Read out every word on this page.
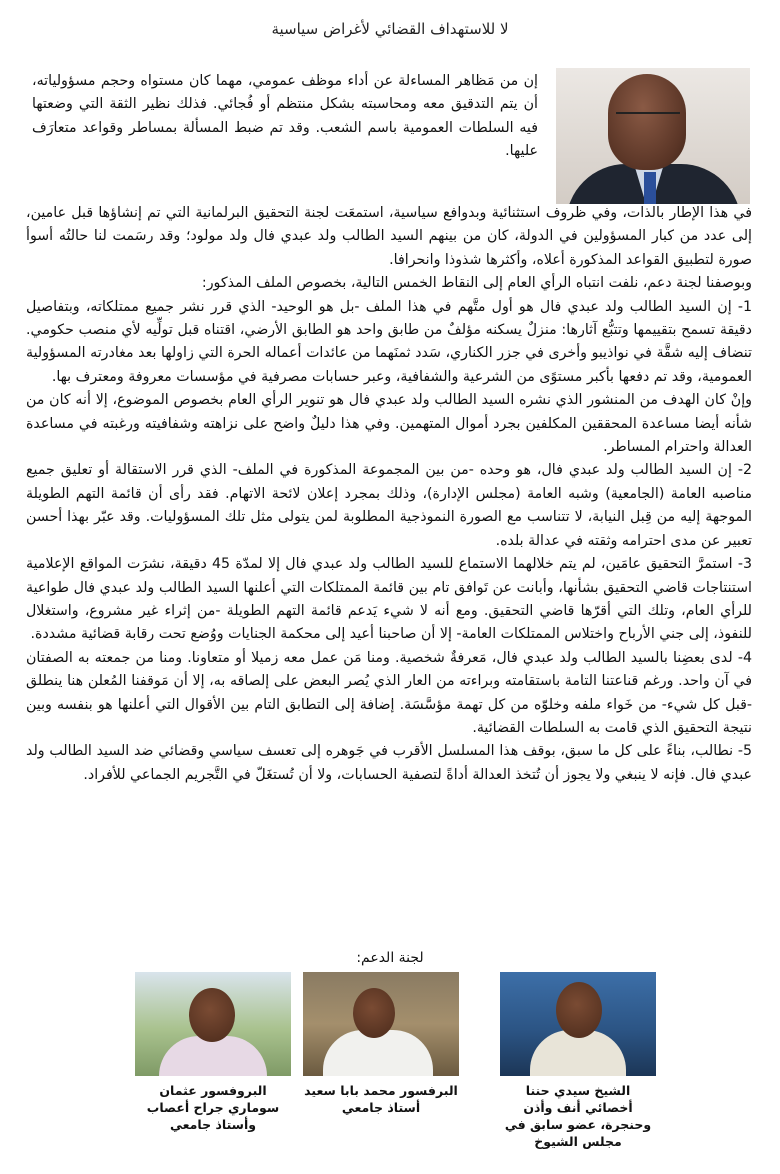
لا للاستهداف القضائي لأغراض سياسية

إن من مَظاهر المساءلة عن أداء موظف عمومي، مهما كان مستواه وحجم مسؤولياته، أن يتم التدقيق معه ومحاسبته بشكل منتظم أو فُجائي. فذلك نظير الثقة التي وضعتها فيه السلطات العمومية باسم الشعب. وقد تم ضبط المسألة بمساطر وقواعد متعارَف عليها.

في هذا الإطار بالذات، وفي ظروف استثنائية وبدوافع سياسية، استمعَت لجنة التحقيق البرلمانية التي تم إنشاؤها قبل عامين، إلى عدد من كبار المسؤولين في الدولة، كان من بينهم السيد الطالب ولد عبدي فال ولد مولود؛ وقد رسَمت لنا حالتُه أسوأ صورة لتطبيق القواعد المذكورة أعلاه، وأكثرها شذوذا وانحرافا.

وبوصفنا لجنة دعم، نلفت انتباه الرأي العام إلى النقاط الخمس التالية، بخصوص الملف المذكور:

1- إن السيد الطالب ولد عبدي فال هو أول متَّهم في هذا الملف -بل هو الوحيد- الذي قرر نشر جميع ممتلكاته، وبتفاصيل دقيقة تسمح بتقييمها وتتبُّع آثارها: منزلٌ يسكنه مؤلفٌ من طابق واحد هو الطابق الأرضي، اقتناه قبل تولِّيه لأي منصب حكومي. تنضاف إليه شقَّة في نواذيبو وأخرى في جزر الكناري، سَدد ثمنَهما من عائدات أعماله الحرة التي زاولها بعد مغادرته المسؤولية العمومية، وقد تم دفعها بأكبر مستوًى من الشرعية والشفافية، وعبر حسابات مصرفية في مؤسسات معروفة ومعترف بها.

وإنْ كان الهدف من المنشور الذي نشره السيد الطالب ولد عبدي فال هو تنوير الرأي العام بخصوص الموضوع، إلا أنه كان من شأنه أيضا مساعدة المحققين المكلفين بجرد أموال المتهمين. وفي هذا دليلٌ واضح على نزاهته وشفافيته ورغبته في مساعدة العدالة واحترام المساطر.

2- إن السيد الطالب ولد عبدي فال، هو وحده -من بين المجموعة المذكورة في الملف- الذي قرر الاستقالة أو تعليق جميع مناصبه العامة (الجامعية) وشبه العامة (مجلس الإدارة)، وذلك بمجرد إعلان لائحة الاتهام. فقد رأى أن قائمة التهم الطويلة الموجهة إليه من قِبل النيابة، لا تتناسب مع الصورة النموذجية المطلوبة لمن يتولى مثل تلك المسؤوليات. وقد عبّر بهذا أحسن تعبير عن مدى احترامه وثقته في عدالة بلده.

3- استمرَّ التحقيق عامَين، لم يتم خلالهما الاستماع للسيد الطالب ولد عبدي فال إلا لمدّة 45 دقيقة، نشرَت المواقع الإعلامية استنتاجات قاضي التحقيق بشأنها، وأبانت عن تَوافق تام بين قائمة الممتلكات التي أعلنها السيد الطالب ولد عبدي فال طواعية للرأي العام، وتلك التي أقرّها قاضي التحقيق. ومع أنه لا شيء يَدعم قائمة التهم الطويلة -من إثراء غير مشروع، واستغلال للنفوذ، إلى جني الأرباح واختلاس الممتلكات العامة- إلا أن صاحبنا أعيد إلى محكمة الجنايات ووُضع تحت رقابة قضائية مشددة.

4- لدى بعضِنا بالسيد الطالب ولد عبدي فال، مَعرفةٌ شخصية. ومنا مَن عمل معه زميلا أو متعاونا. ومنا من جمعته به الصفتان في آن واحد. ورغم قناعتنا التامة باستقامته وبراءته من العار الذي يُصر البعض على إلصاقه به، إلا أن مَوقفنا المُعلن هنا ينطلق -قبل كل شيء- من خَواء ملفه وخلوّه من كل تهمة مؤسَّسَة. إضافة إلى التطابق التام بين الأقوال التي أعلنها هو بنفسه وبين نتيجة التحقيق الذي قامت به السلطات القضائية.

5- نطالب، بناءً على كل ما سبق، بوقف هذا المسلسل الأقرب في جَوهره إلى تعسف سياسي وقضائي ضد السيد الطالب ولد عبدي فال. فإنه لا ينبغي ولا يجوز أن تُتخذ العدالة أداةً لتصفية الحسابات، ولا أن تُستغَلّ في التَّجريم الجماعي للأفراد.

لجنة الدعم:
الشيخ سيدي حننا أخصائي أنف وأذن وحنجرة، عضو سابق في مجلس الشيوخ
البرفسور محمد بابا سعيد أستاذ جامعي
البروفسور عثمان سوماري جراح أعصاب وأستاذ جامعي
